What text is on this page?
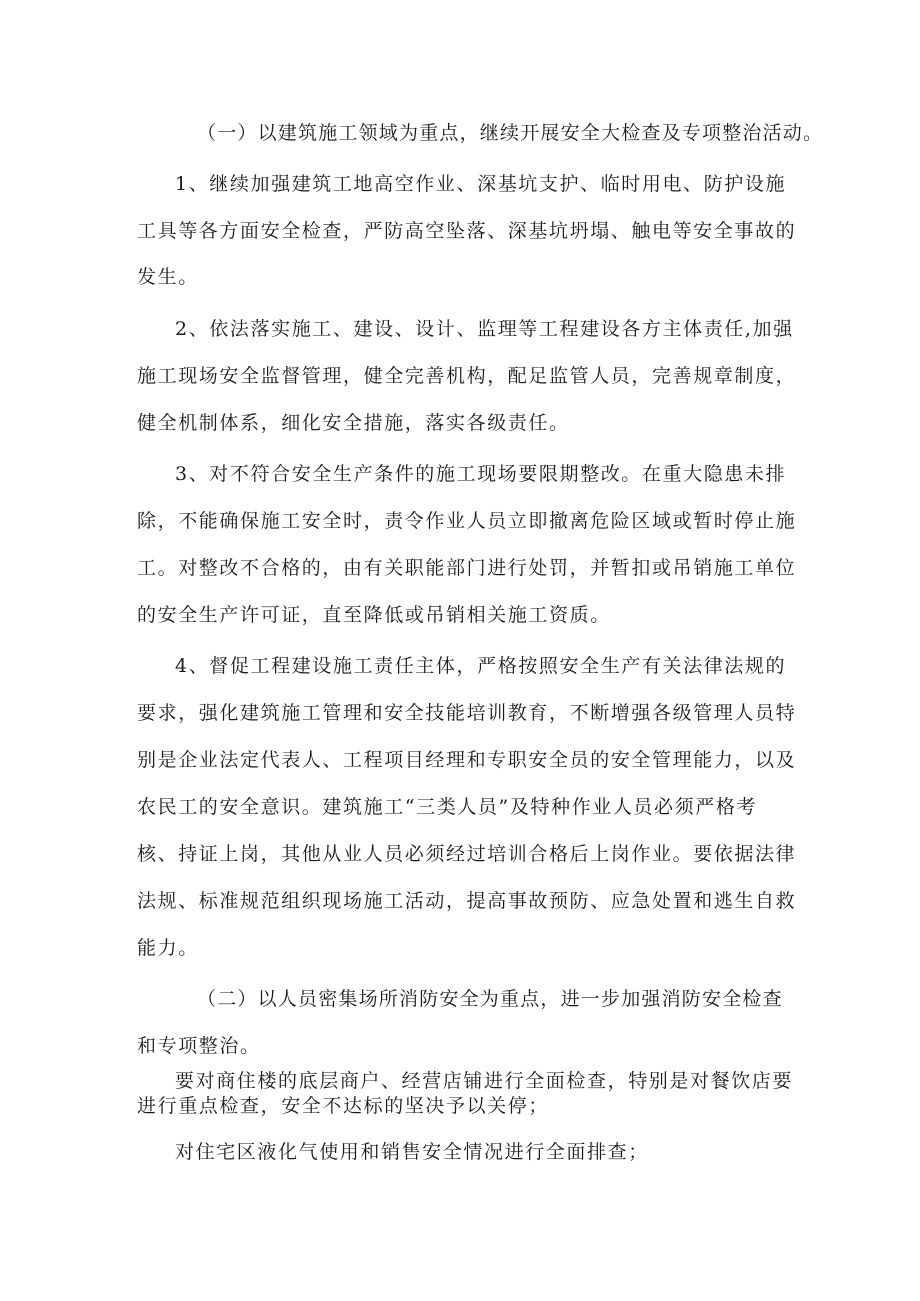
（一）以建筑施工领域为重点，继续开展安全大检查及专项整治活动。
1、继续加强建筑工地高空作业、深基坑支护、临时用电、防护设施
工具等各方面安全检查，严防高空坠落、深基坑坍塌、触电等安全事故的
发生。
2、依法落实施工、建设、设计、监理等工程建设各方主体责任,加强
施工现场安全监督管理，健全完善机构，配足监管人员，完善规章制度，
健全机制体系，细化安全措施，落实各级责任。
3、对不符合安全生产条件的施工现场要限期整改。在重大隐患未排
除，不能确保施工安全时，责令作业人员立即撤离危险区域或暂时停止施
工。对整改不合格的，由有关职能部门进行处罚，并暂扣或吊销施工单位
的安全生产许可证，直至降低或吊销相关施工资质。
4、督促工程建设施工责任主体，严格按照安全生产有关法律法规的
要求，强化建筑施工管理和安全技能培训教育，不断增强各级管理人员特
别是企业法定代表人、工程项目经理和专职安全员的安全管理能力，以及
农民工的安全意识。建筑施工“三类人员”及特种作业人员必须严格考
核、持证上岗，其他从业人员必须经过培训合格后上岗作业。要依据法律
法规、标准规范组织现场施工活动，提高事故预防、应急处置和逃生自救
能力。
（二）以人员密集场所消防安全为重点，进一步加强消防安全检查
和专项整治。
要对商住楼的底层商户、经营店铺进行全面检查，特别是对餐饮店要
进行重点检查，安全不达标的坚决予以关停；
对住宅区液化气使用和销售安全情况进行全面排查；
